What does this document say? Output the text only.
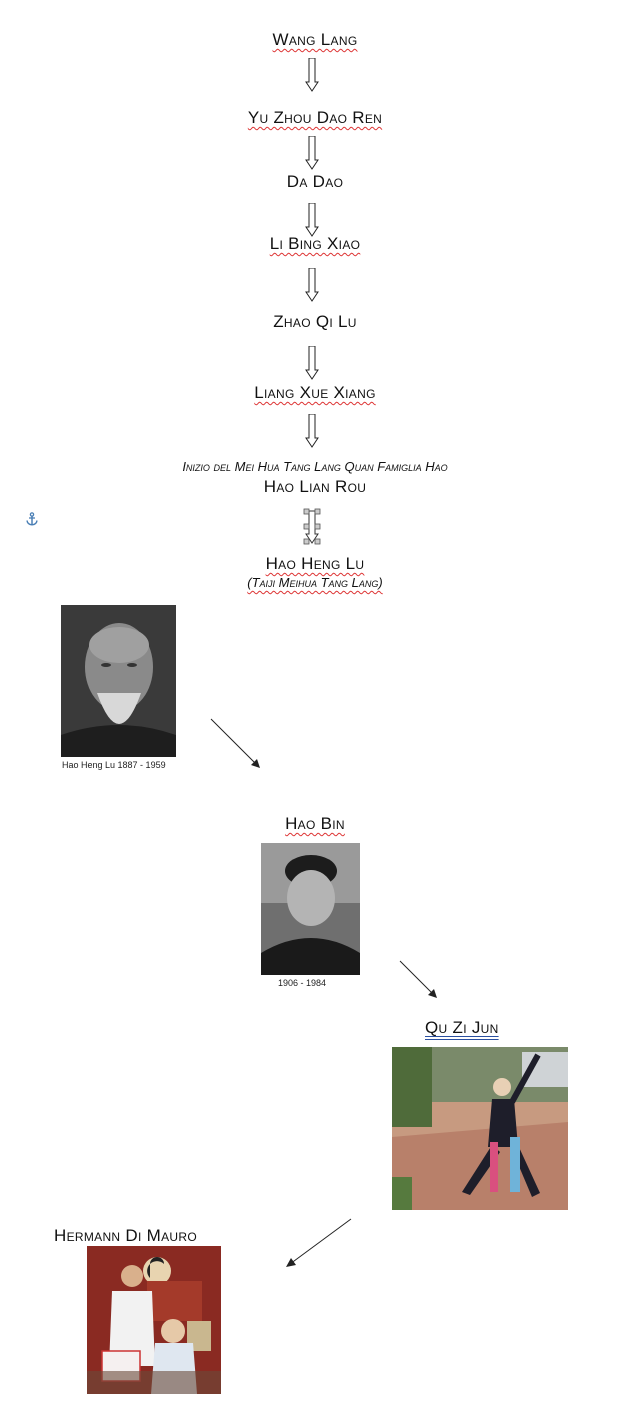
Wang Lang
Yu Zhou Dao Ren
Da Dao
Li Bing Xiao
Zhao Qi Lu
Liang Xue Xiang
Inizio del Mei Hua Tang Lang Quan Famiglia Hao
Hao Lian Rou
Hao Heng Lu
(Taiji Meihua Tang Lang)
Hao Heng Lu 1887 - 1959
Hao Bin
1906 - 1984
Qu Zi Jun
Hermann Di Mauro
